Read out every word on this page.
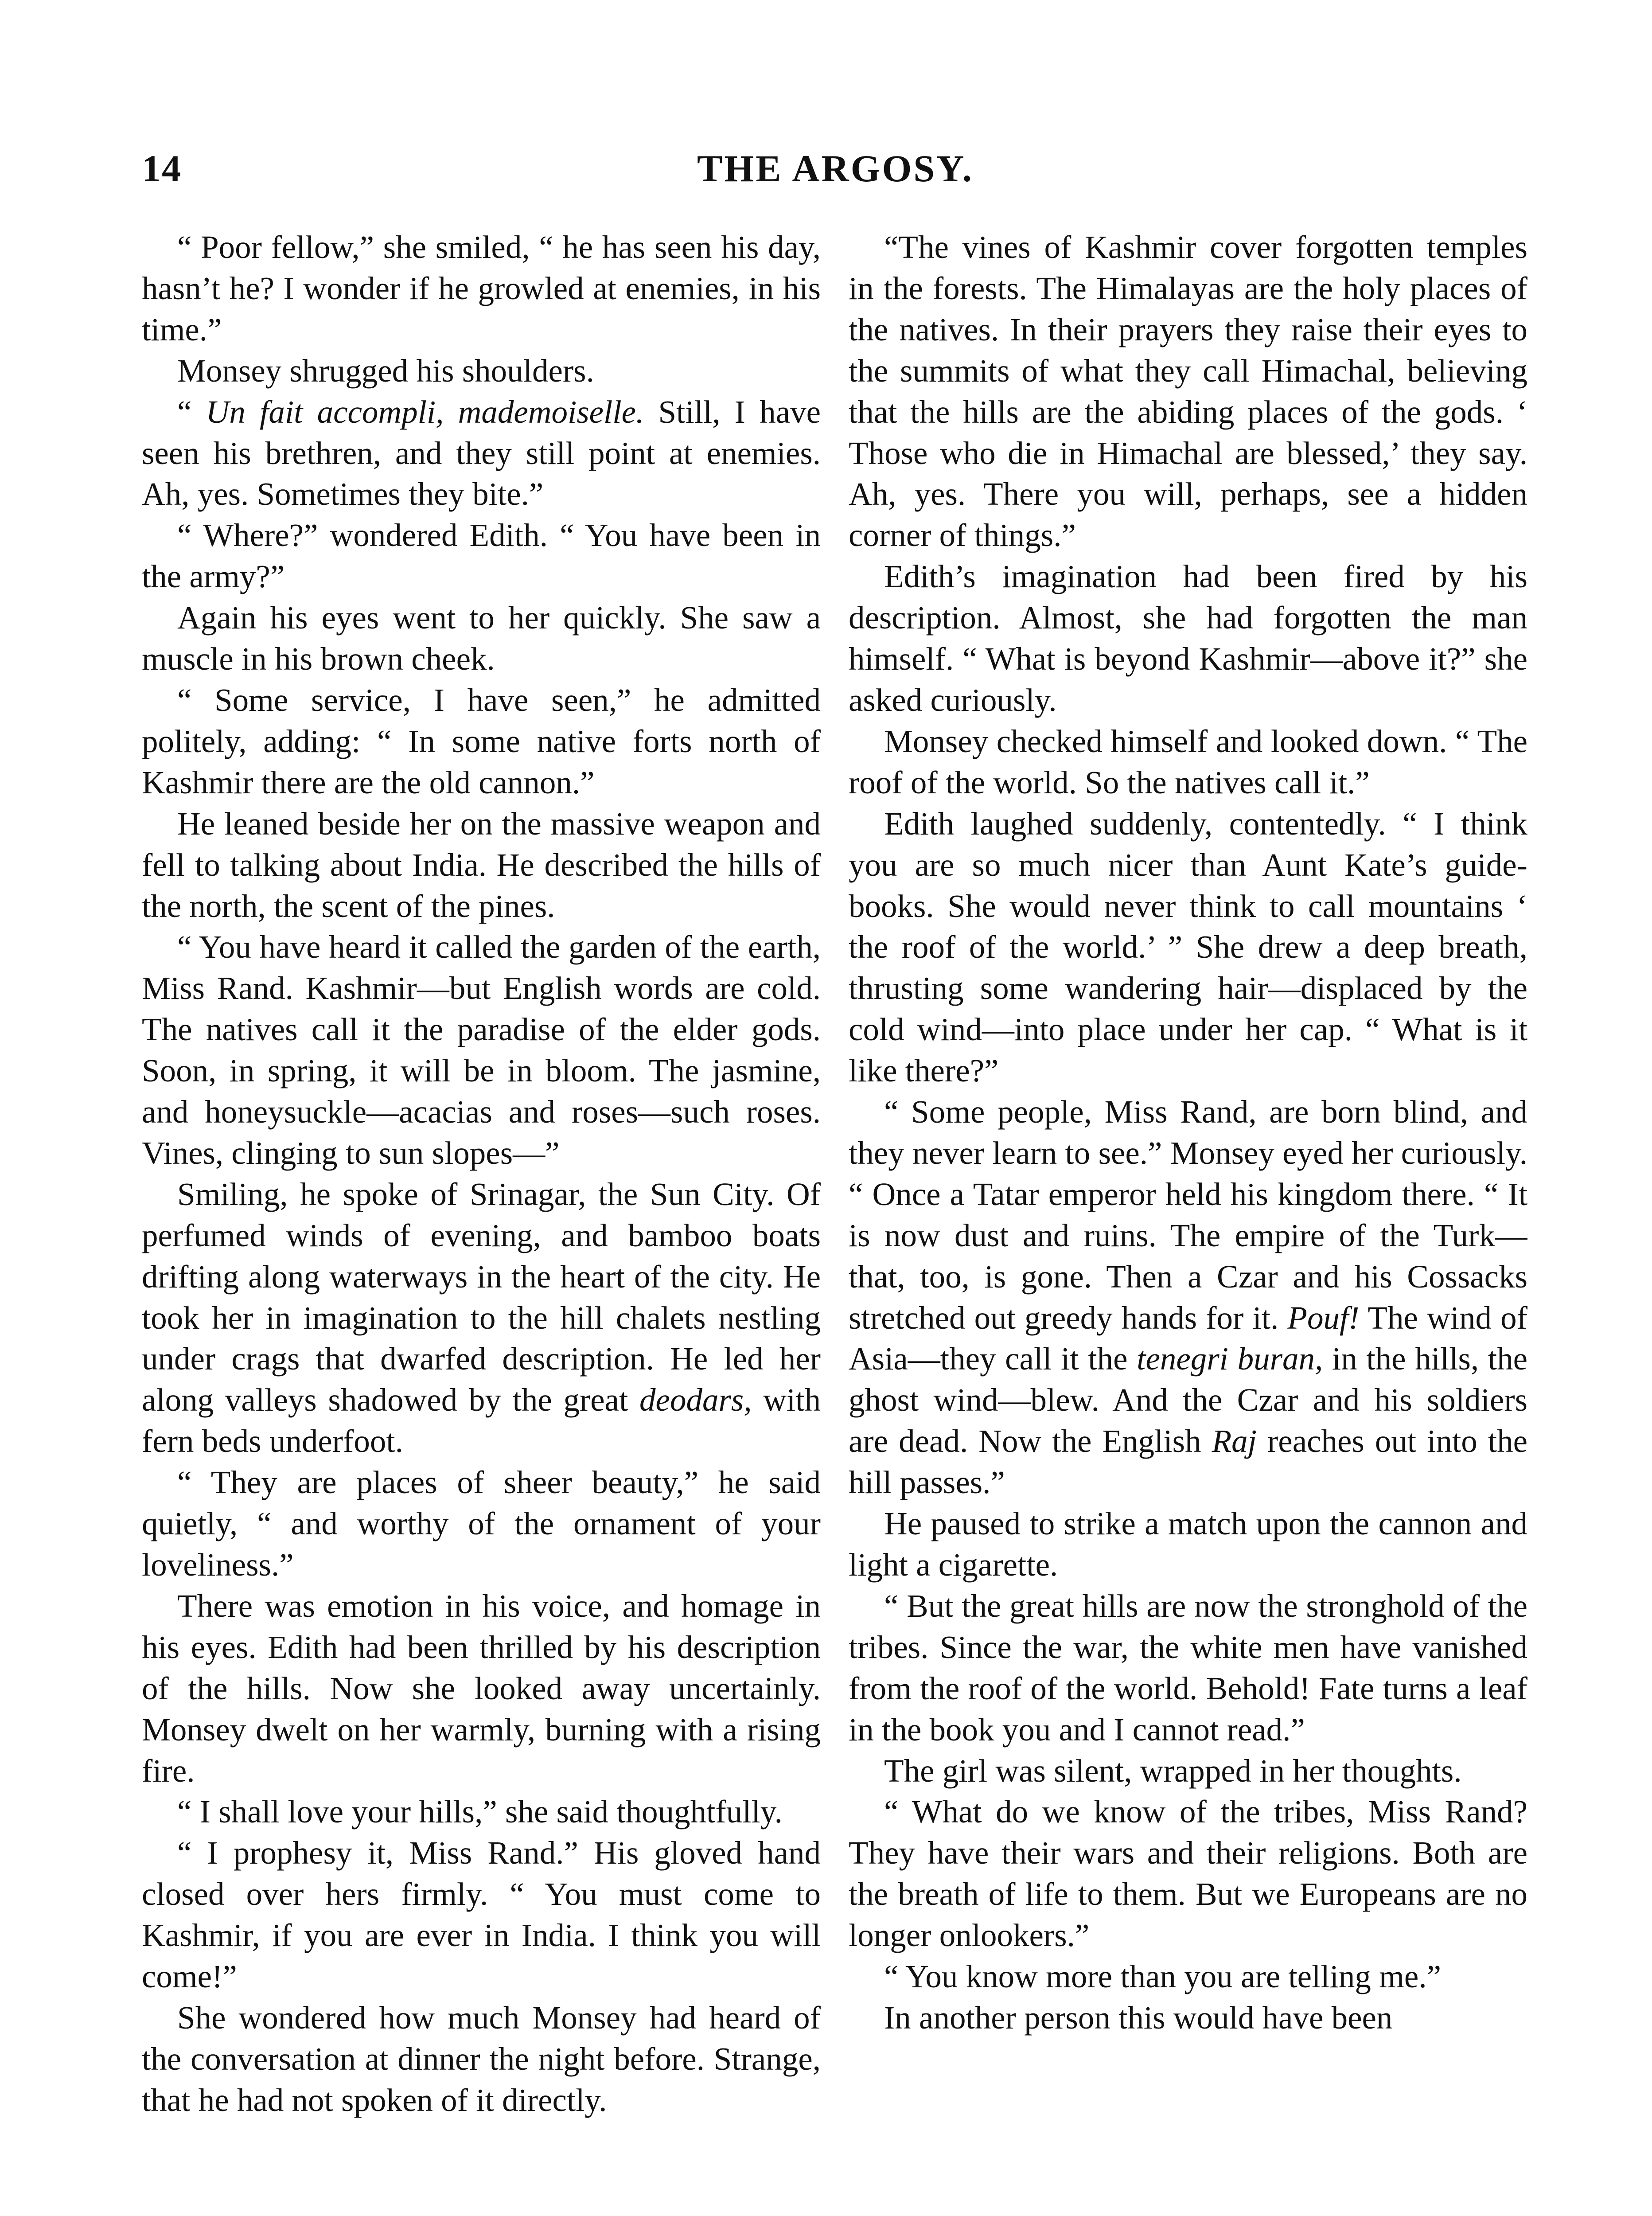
14	THE ARGOSY.

“ Poor fellow,” she smiled, “ he has seen his day, hasn’t he? I wonder if he growled at enemies, in his time.”

Monsey shrugged his shoulders.

“ Un fait accompli, mademoiselle. Still, I have seen his brethren, and they still point at enemies. Ah, yes. Sometimes they bite.”

“ Where?” wondered Edith. “ You have been in the army?”

Again his eyes went to her quickly. She saw a muscle in his brown cheek.

“ Some service, I have seen,” he admitted politely, adding: “ In some native forts north of Kashmir there are the old cannon.”

He leaned beside her on the massive weapon and fell to talking about India. He described the hills of the north, the scent of the pines.

“ You have heard it called the garden of the earth, Miss Rand. Kashmir—but English words are cold. The natives call it the paradise of the elder gods. Soon, in spring, it will be in bloom. The jasmine, and honeysuckle—acacias and roses—such roses. Vines, clinging to sun slopes—”

Smiling, he spoke of Srinagar, the Sun City. Of perfumed winds of evening, and bamboo boats drifting along waterways in the heart of the city. He took her in imagination to the hill chalets nestling under crags that dwarfed description. He led her along valleys shadowed by the great deodars, with fern beds underfoot.

“ They are places of sheer beauty,” he said quietly, “ and worthy of the ornament of your loveliness.”

There was emotion in his voice, and homage in his eyes. Edith had been thrilled by his description of the hills. Now she looked away uncertainly. Monsey dwelt on her warmly, burning with a rising fire.

“ I shall love your hills,” she said thoughtfully.

“ I prophesy it, Miss Rand.” His gloved hand closed over hers firmly. “ You must come to Kashmir, if you are ever in India. I think you will come!”

She wondered how much Monsey had heard of the conversation at dinner the night before. Strange, that he had not spoken of it directly.

“The vines of Kashmir cover forgotten temples in the forests. The Himalayas are the holy places of the natives. In their prayers they raise their eyes to the summits of what they call Himachal, believing that the hills are the abiding places of the gods. ‘ Those who die in Himachal are blessed,’ they say. Ah, yes. There you will, perhaps, see a hidden corner of things.”

Edith’s imagination had been fired by his description. Almost, she had forgotten the man himself. “ What is beyond Kashmir—above it?” she asked curiously.

Monsey checked himself and looked down. “ The roof of the world. So the natives call it.”

Edith laughed suddenly, contentedly. “ I think you are so much nicer than Aunt Kate’s guide-books. She would never think to call mountains ‘ the roof of the world.’ ” She drew a deep breath, thrusting some wandering hair—displaced by the cold wind—into place under her cap. “ What is it like there?”

“ Some people, Miss Rand, are born blind, and they never learn to see.” Monsey eyed her curiously. “ Once a Tatar emperor held his kingdom there. “ It is now dust and ruins. The empire of the Turk—that, too, is gone. Then a Czar and his Cossacks stretched out greedy hands for it. Pouf! The wind of Asia—they call it the tenegri buran, in the hills, the ghost wind—blew. And the Czar and his soldiers are dead. Now the English Raj reaches out into the hill passes.”

He paused to strike a match upon the cannon and light a cigarette.

“ But the great hills are now the stronghold of the tribes. Since the war, the white men have vanished from the roof of the world. Behold! Fate turns a leaf in the book you and I cannot read.”

The girl was silent, wrapped in her thoughts.

“ What do we know of the tribes, Miss Rand? They have their wars and their religions. Both are the breath of life to them. But we Europeans are no longer onlookers.”

“ You know more than you are telling me.”

In another person this would have been
